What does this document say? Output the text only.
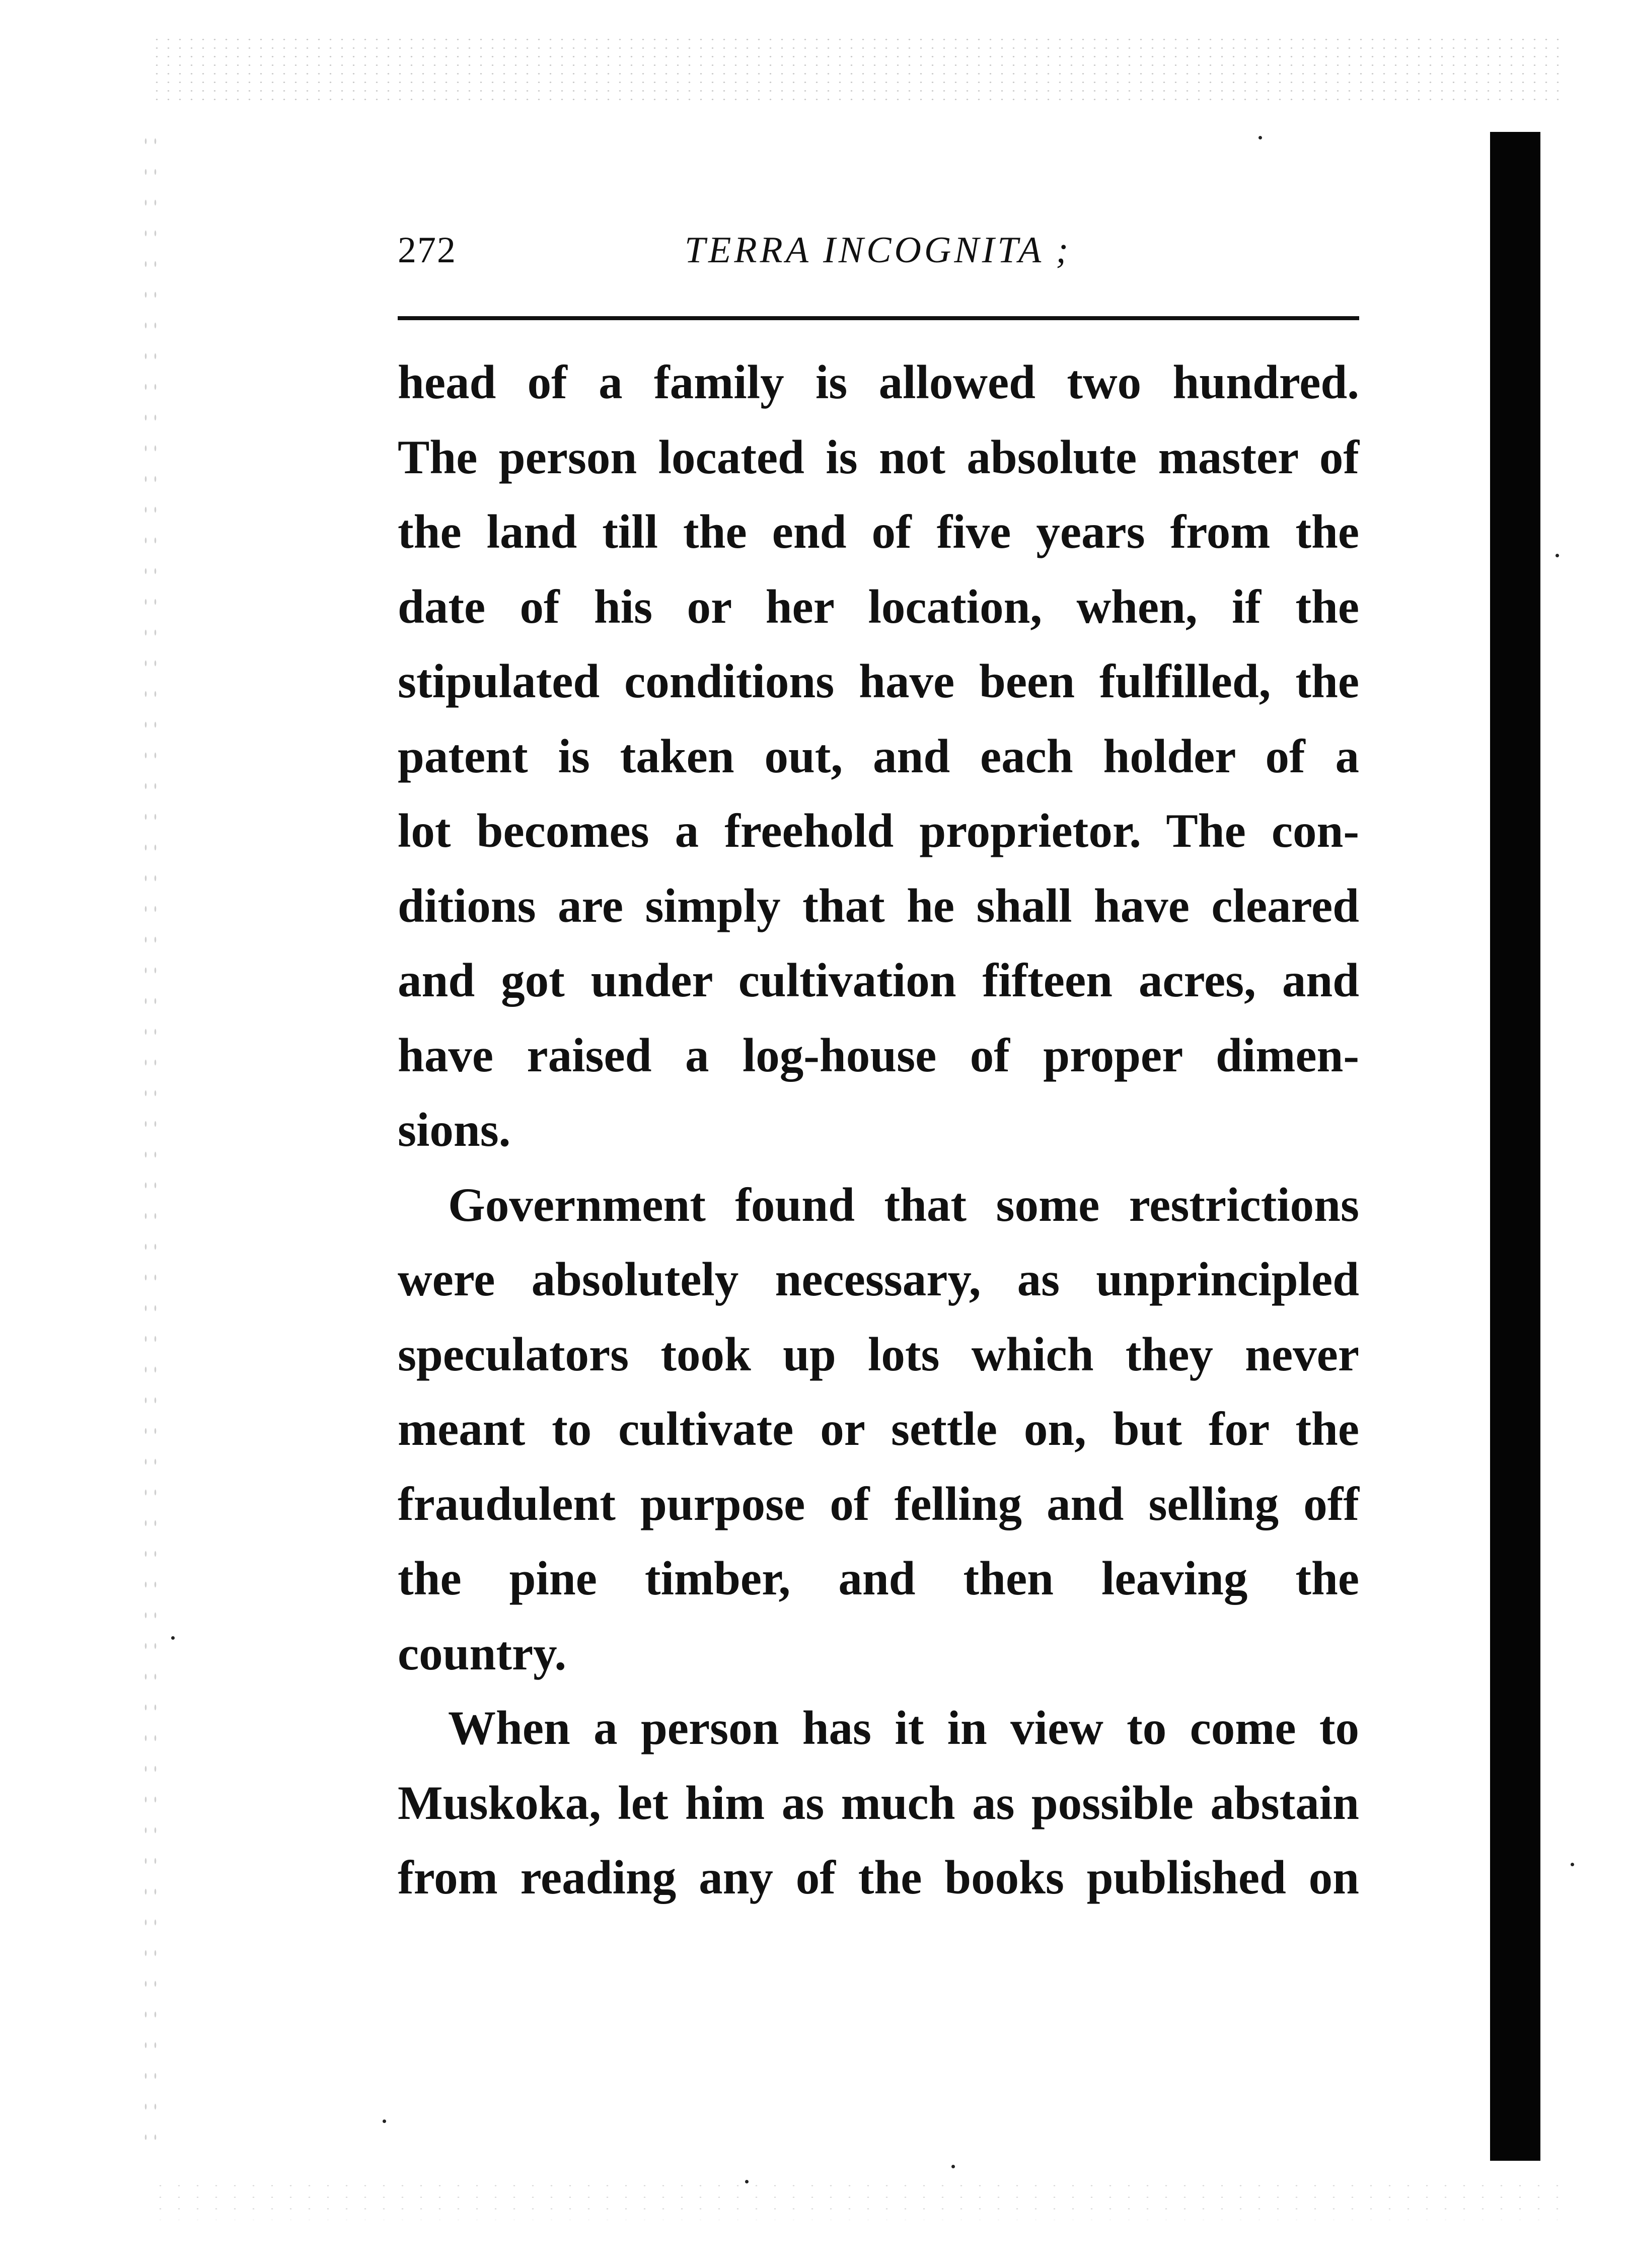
272	TERRA INCOGNITA ;
head of a family is allowed two hundred.
The person located is not absolute master of
the land till the end of five years from the
date of his or her location, when, if the
stipulated conditions have been fulfilled, the
patent is taken out, and each holder of a
lot becomes a freehold proprietor. The con-
ditions are simply that he shall have cleared
and got under cultivation fifteen acres, and
have raised a log-house of proper dimen-
sions.
Government found that some restrictions
were absolutely necessary, as unprincipled
speculators took up lots which they never
meant to cultivate or settle on, but for the
fraudulent purpose of felling and selling off
the pine timber, and then leaving the
country.
When a person has it in view to come to
Muskoka, let him as much as possible abstain
from reading any of the books published on
